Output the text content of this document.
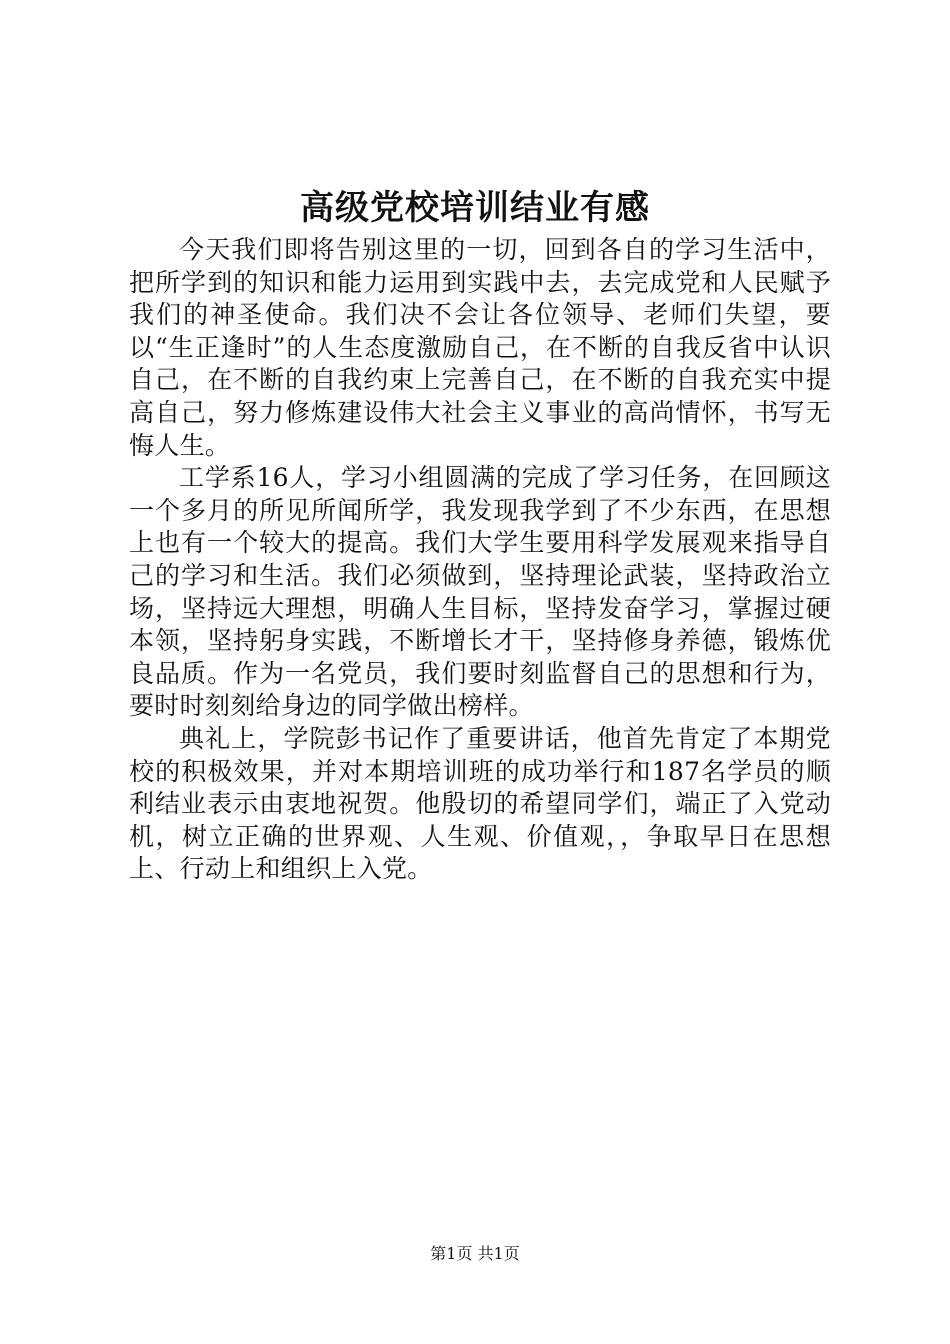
高级党校培训结业有感

今天我们即将告别这里的一切，回到各自的学习生活中，把所学到的知识和能力运用到实践中去，去完成党和人民赋予我们的神圣使命。我们决不会让各位领导、老师们失望，要以“生正逢时”的人生态度激励自己，在不断的自我反省中认识自己，在不断的自我约束上完善自己，在不断的自我充实中提高自己，努力修炼建设伟大社会主义事业的高尚情怀，书写无悔人生。

工学系16人，学习小组圆满的完成了学习任务，在回顾这一个多月的所见所闻所学，我发现我学到了不少东西，在思想上也有一个较大的提高。我们大学生要用科学发展观来指导自己的学习和生活。我们必须做到，坚持理论武装，坚持政治立场，坚持远大理想，明确人生目标，坚持发奋学习，掌握过硬本领，坚持躬身实践，不断增长才干，坚持修身养德，锻炼优良品质。作为一名党员，我们要时刻监督自己的思想和行为，要时时刻刻给身边的同学做出榜样。

典礼上，学院彭书记作了重要讲话，他首先肯定了本期党校的积极效果，并对本期培训班的成功举行和187名学员的顺利结业表示由衷地祝贺。他殷切的希望同学们，端正了入党动机，树立正确的世界观、人生观、价值观，，争取早日在思想上、行动上和组织上入党。

第1页 共1页
